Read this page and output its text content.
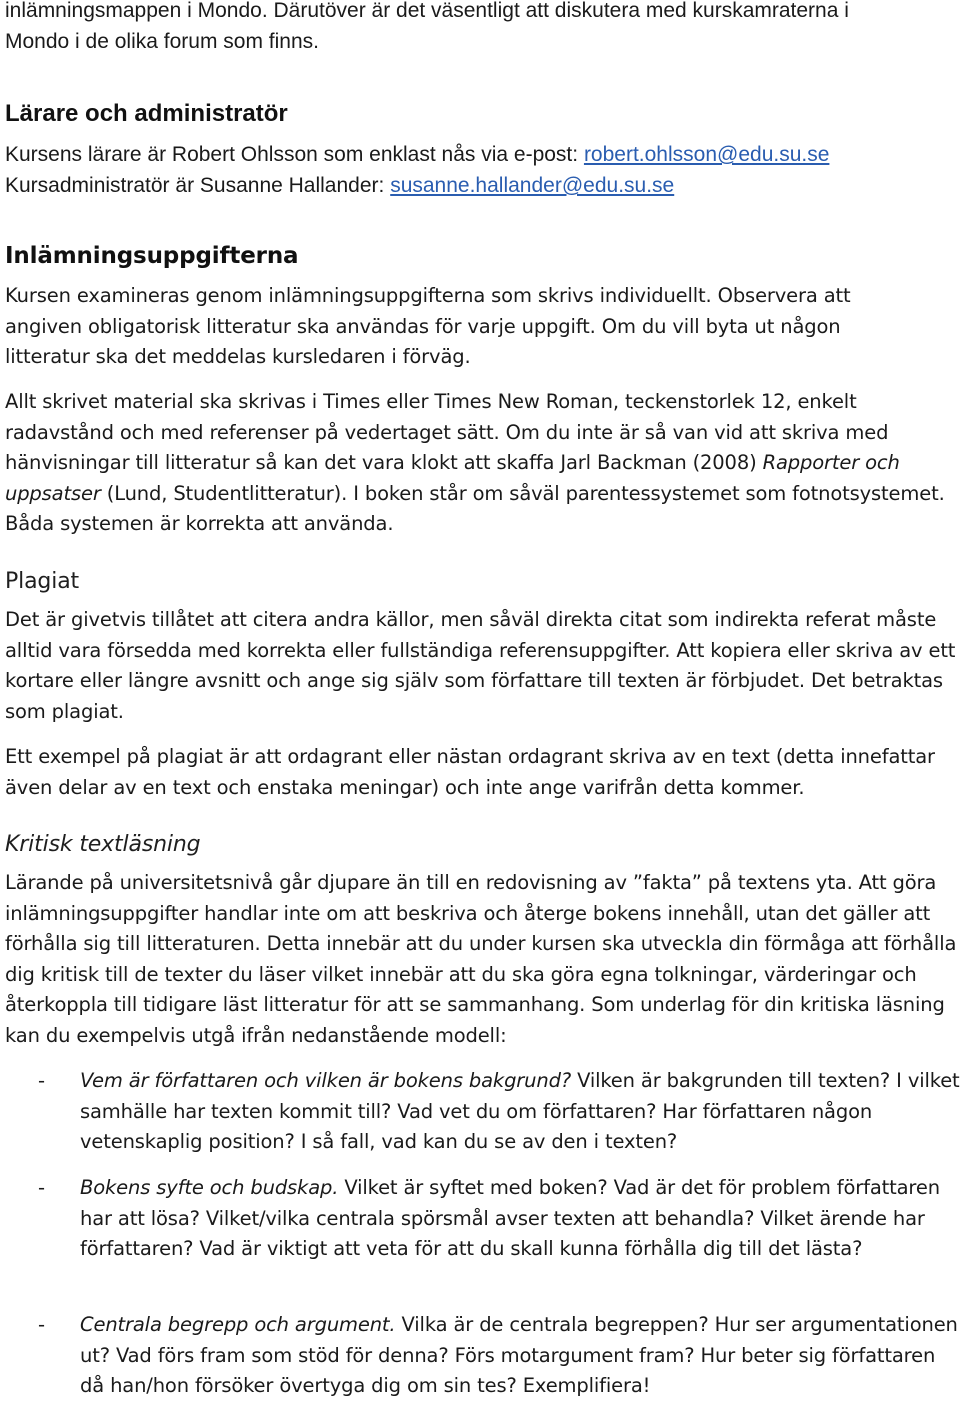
inlämningsmappen i Mondo. Därutöver är det väsentligt att diskutera med kurskamraterna i

Mondo i de olika forum som finns.

Lärare och administratör

Kursens lärare är Robert Ohlsson som enklast nås via e-post: robert.ohlsson@edu.su.se

Kursadministratör är Susanne Hallander: susanne.hallander@edu.su.se

Inlämningsuppgifterna

Kursen examineras genom inlämningsuppgifterna som skrivs individuellt. Observera att angiven obligatorisk litteratur ska användas för varje uppgift. Om du vill byta ut någon litteratur ska det meddelas kursledaren i förväg.

Allt skrivet material ska skrivas i Times eller Times New Roman, teckenstorlek 12, enkelt radavstånd och med referenser på vedertaget sätt. Om du inte är så van vid att skriva med hänvisningar till litteratur så kan det vara klokt att skaffa Jarl Backman (2008) Rapporter och uppsatser (Lund, Studentlitteratur). I boken står om såväl parentessystemet som fotnotsystemet. Båda systemen är korrekta att använda.

Plagiat

Det är givetvis tillåtet att citera andra källor, men såväl direkta citat som indirekta referat måste alltid vara försedda med korrekta eller fullständiga referensuppgifter. Att kopiera eller skriva av ett kortare eller längre avsnitt och ange sig själv som författare till texten är förbjudet. Det betraktas som plagiat.

Ett exempel på plagiat är att ordagrant eller nästan ordagrant skriva av en text (detta innefattar även delar av en text och enstaka meningar) och inte ange varifrån detta kommer.

Kritisk textläsning

Lärande på universitetsnivå går djupare än till en redovisning av ”fakta” på textens yta. Att göra inlämningsuppgifter handlar inte om att beskriva och återge bokens innehåll, utan det gäller att förhålla sig till litteraturen. Detta innebär att du under kursen ska utveckla din förmåga att förhålla dig kritisk till de texter du läser vilket innebär att du ska göra egna tolkningar, värderingar och återkoppla till tidigare läst litteratur för att se sammanhang. Som underlag för din kritiska läsning kan du exempelvis utgå ifrån nedanstående modell:

- Vem är författaren och vilken är bokens bakgrund? Vilken är bakgrunden till texten? I vilket samhälle har texten kommit till? Vad vet du om författaren? Har författaren någon vetenskaplig position? I så fall, vad kan du se av den i texten?
- Bokens syfte och budskap. Vilket är syftet med boken? Vad är det för problem författaren har att lösa? Vilket/vilka centrala spörsmål avser texten att behandla? Vilket ärende har författaren? Vad är viktigt att veta för att du skall kunna förhålla dig till det lästa?
- Centrala begrepp och argument. Vilka är de centrala begreppen? Hur ser argumentationen ut? Vad förs fram som stöd för denna? Förs motargument fram? Hur beter sig författaren då han/hon försöker övertyga dig om sin tes? Exemplifiera!
